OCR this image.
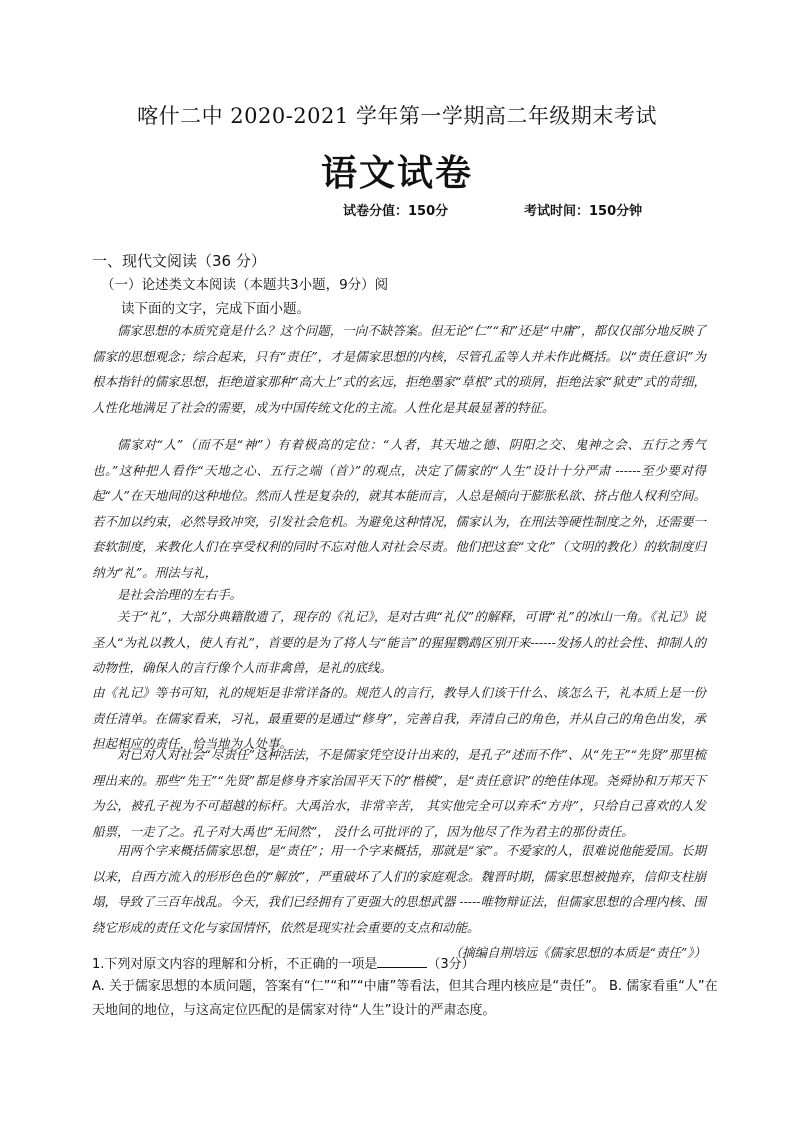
喀什二中 2020-2021 学年第一学期高二年级期末考试
语文试卷
试卷分值：150分	考试时间：150分钟
一、现代文阅读（36 分）
（一）论述类文本阅读（本题共3小题，9分）阅
读下面的文字，完成下面小题。

儒家思想的本质究竟是什么？这个问题，一向不缺答案。但无论“仁”“和”还是“中庸”，都仅仅部分地反映了儒家的思想观念；综合起来，只有“责任”，才是儒家思想的内核，尽管孔孟等人并未作此概括。以“责任意识”为根本指针的儒家思想，拒绝道家那种“高大上”式的玄远，拒绝墨家“草根”式的琐屑，拒绝法家“狱吏”式的苛细，人性化地满足了社会的需要，成为中国传统文化的主流。人性化是其最显著的特征。

儒家对“人”（而不是“神”）有着极高的定位：“人者，其天地之德、阴阳之交、鬼神之会、五行之秀气也。”这种把人看作“天地之心、五行之端（首）”的观点，决定了儒家的“人生”设计十分严肃 ------至少要对得起“人”在天地间的这种地位。然而人性是复杂的，就其本能而言，人总是倾向于膨胀私欲、挤占他人权利空间。若不加以约束，必然导致冲突，引发社会危机。为避免这种情况，儒家认为，在刑法等硬性制度之外，还需要一套软制度，来教化人们在享受权利的同时不忘对他人对社会尽责。他们把这套“文化”（文明的教化）的软制度归纳为“礼”。刑法与礼，

是社会治理的左右手。

关于“礼”，大部分典籍散遗了，现存的《礼记》，是对古典“礼仪”的解释，可谓“礼”的冰山一角。《礼记》说圣人“为礼以教人，使人有礼”，首要的是为了将人与“能言”的猩猩鹦鹉区别开来------发扬人的社会性、抑制人的动物性，确保人的言行像个人而非禽兽，是礼的底线。

由《礼记》等书可知，礼的规矩是非常详备的。规范人的言行，教导人们该干什么、该怎么干，礼本质上是一份责任清单。在儒家看来，习礼，最重要的是通过“修身”，完善自我，弄清自己的角色，并从自己的角色出发，承担起相应的责任，恰当地为人处事。

对已对人对社会“尽责任”这种活法，不是儒家凭空设计出来的，是孔子“述而不作”、从“先王”“先贤”那里梳理出来的。那些“先王”“先贤”都是修身齐家治国平天下的“楷模”，是“责任意识”的绝佳体现。尧舜协和万邦天下为公，被孔子视为不可超越的标杆。大禹治水，非常辛苦， 其实他完全可以弃禾“方舟”，只给自己喜欢的人发船票，一走了之。孔子对大禹也“无间然”， 没什么可批评的了，因为他尽了作为君主的那份责任。

用两个字来概括儒家思想，是“责任”；用一个字来概括，那就是“家”。不爱家的人，很难说他能爱国。长期以来，自西方流入的形形色色的“解放”，严重破坏了人们的家庭观念。魏晋时期，儒家思想被抛弃，信仰支柱崩塌，导致了三百年战乱。今天，我们已经拥有了更强大的思想武器 -----唯物辩证法，但儒家思想的合理内核、围绕它形成的责任文化与家国情怀，依然是现实社会重要的支点和动能。
（摘编自荆培远《儒家思想的本质是“责任”》）

1.下列对原文内容的理解和分析，不正确的一项是	（3分）
A. 关于儒家思想的本质问题，答案有“仁”“和”“中庸”等看法，但其合理内核应是“责任”。 B. 儒家看重“人”在天地间的地位，与这高定位匹配的是儒家对待“人生”设计的严肃态度。
